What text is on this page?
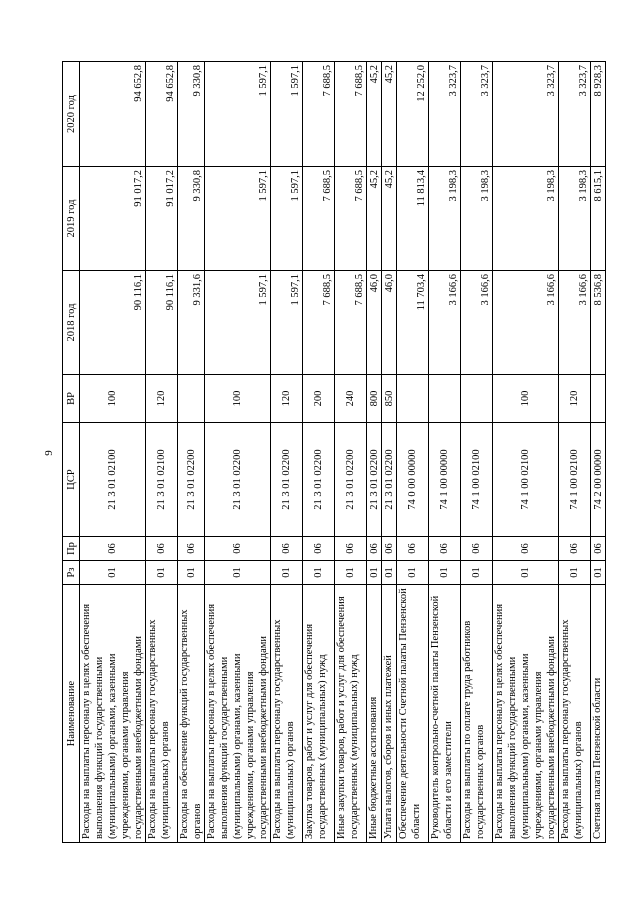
9
Наименование	Рз	Пр	ЦСР	ВР	2018 год	2019 год	2020 год
Расходы на выплаты персоналу в целях обеспечения выполнения функций государственными (муниципальными) органами, казенными учреждениями, органами управления государственными внебюджетными фондами	01	06	21 3 01 02100	100	90 116,1	91 017,2	94 652,8
Расходы на выплаты персоналу государственных (муниципальных) органов	01	06	21 3 01 02100	120	90 116,1	91 017,2	94 652,8
Расходы на обеспечение функций государственных органов	01	06	21 3 01 02200		9 331,6	9 330,8	9 330,8
Расходы на выплаты персоналу в целях обеспечения выполнения функций государственными (муниципальными) органами, казенными учреждениями, органами управления государственными внебюджетными фондами	01	06	21 3 01 02200	100	1 597,1	1 597,1	1 597,1
Расходы на выплаты персоналу государственных (муниципальных) органов	01	06	21 3 01 02200	120	1 597,1	1 597,1	1 597,1
Закупка товаров, работ и услуг для обеспечения государственных (муниципальных) нужд	01	06	21 3 01 02200	200	7 688,5	7 688,5	7 688,5
Иные закупки товаров, работ и услуг для обеспечения государственных (муниципальных) нужд	01	06	21 3 01 02200	240	7 688,5	7 688,5	7 688,5
Иные бюджетные ассигнования	01	06	21 3 01 02200	800	46,0	45,2	45,2
Уплата налогов, сборов и иных платежей	01	06	21 3 01 02200	850	46,0	45,2	45,2
Обеспечение деятельности Счетной палаты Пензенской области	01	06	74 0 00 00000		11 703,4	11 813,4	12 252,0
Руководитель контрольно-счетной палаты Пензенской области и его заместители	01	06	74 1 00 00000		3 166,6	3 198,3	3 323,7
Расходы на выплаты по оплате труда работников государственных органов	01	06	74 1 00 02100		3 166,6	3 198,3	3 323,7
Расходы на выплаты персоналу в целях обеспечения выполнения функций государственными (муниципальными) органами, казенными учреждениями, органами управления государственными внебюджетными фондами	01	06	74 1 00 02100	100	3 166,6	3 198,3	3 323,7
Расходы на выплаты персоналу государственных (муниципальных) органов	01	06	74 1 00 02100	120	3 166,6	3 198,3	3 323,7
Счетная палата Пензенской области	01	06	74 2 00 00000		8 536,8	8 615,1	8 928,3
